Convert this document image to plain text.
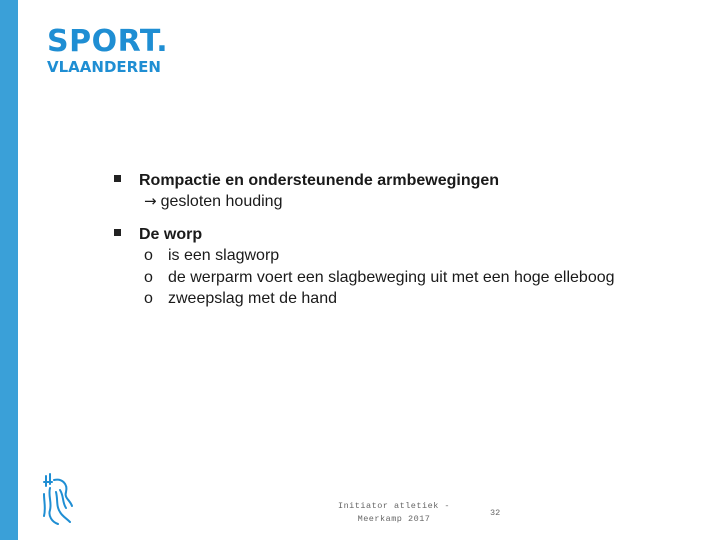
SPORT.
VLAANDEREN
Rompactie en ondersteunende armbewegingen
→ gesloten houding
De worp
o is een slagworp
o de werparm voert een slagbeweging uit met een hoge elleboog
o zweepslag met de hand
Initiator atletiek -
Meerkamp 2017
32
